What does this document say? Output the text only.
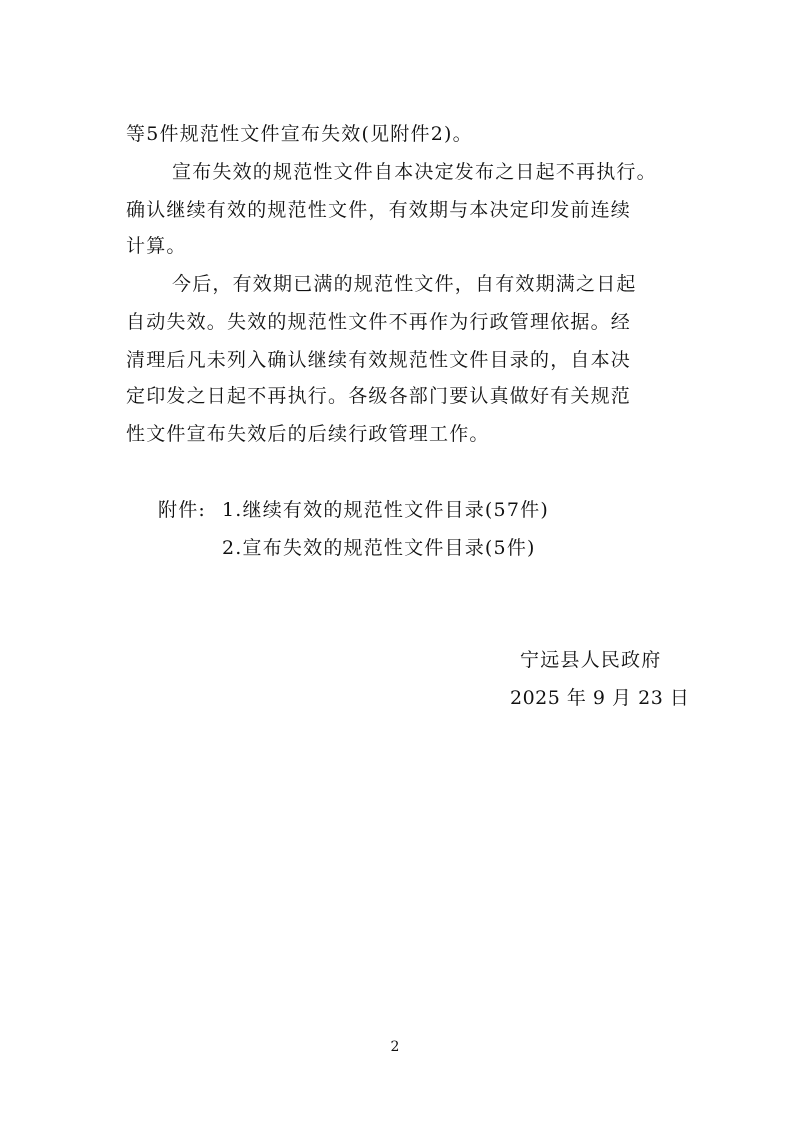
等5件规范性文件宣布失效(见附件2)。
宣布失效的规范性文件自本决定发布之日起不再执行。
确认继续有效的规范性文件，有效期与本决定印发前连续
计算。
今后，有效期已满的规范性文件，自有效期满之日起
自动失效。失效的规范性文件不再作为行政管理依据。经
清理后凡未列入确认继续有效规范性文件目录的，自本决
定印发之日起不再执行。各级各部门要认真做好有关规范
性文件宣布失效后的后续行政管理工作。
附件: 1.继续有效的规范性文件目录(57件)
2.宣布失效的规范性文件目录(5件)
宁远县人民政府
2025 年 9 月 23 日
2
